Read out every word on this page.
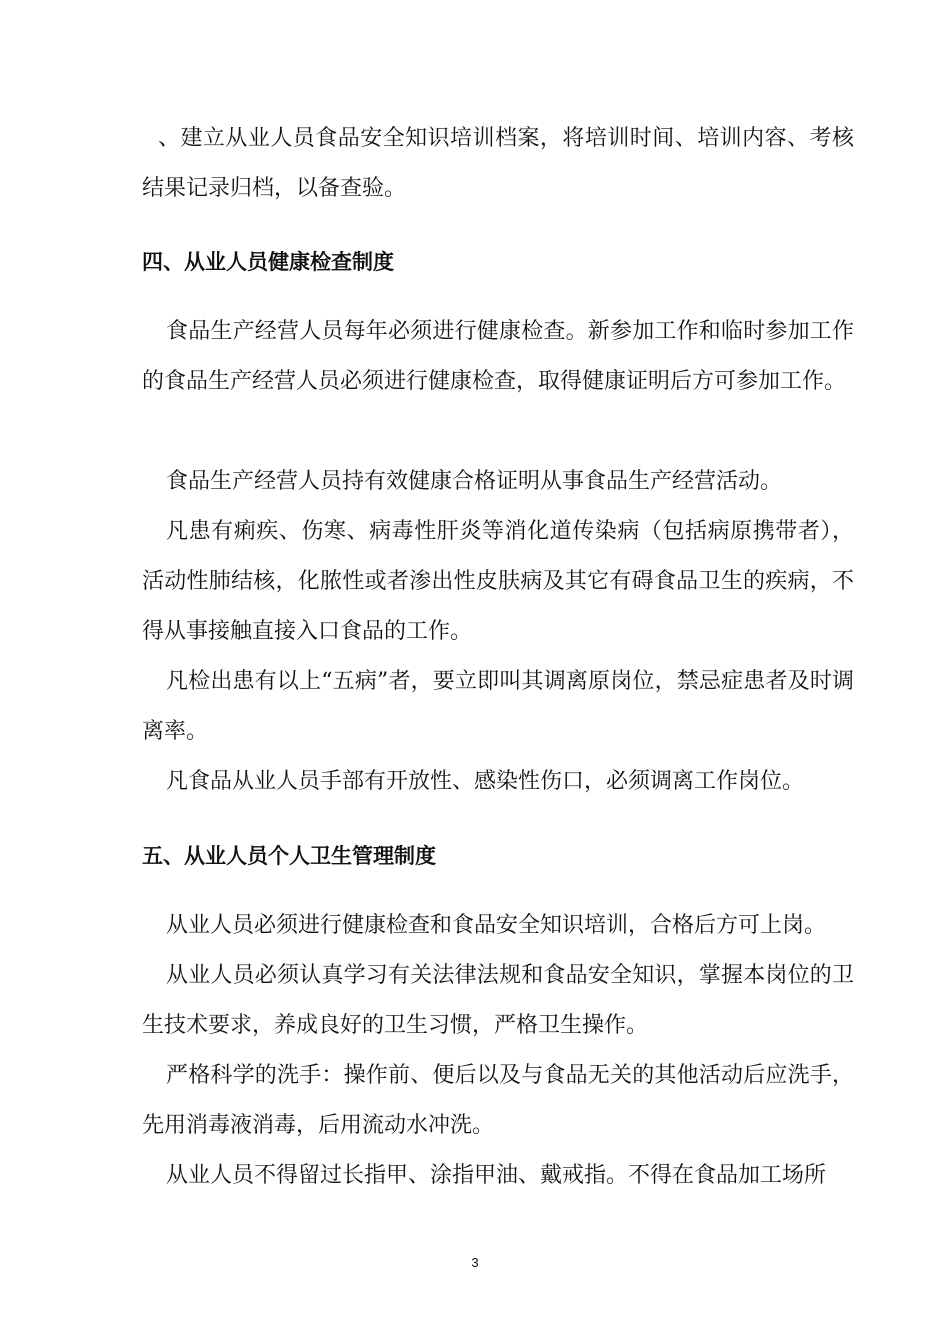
、建立从业人员食品安全知识培训档案，将培训时间、培训内容、考核结果记录归档，以备查验。

四、从业人员健康检查制度

食品生产经营人员每年必须进行健康检查。新参加工作和临时参加工作的食品生产经营人员必须进行健康检查，取得健康证明后方可参加工作。

食品生产经营人员持有效健康合格证明从事食品生产经营活动。

凡患有痢疾、伤寒、病毒性肝炎等消化道传染病（包括病原携带者），活动性肺结核，化脓性或者渗出性皮肤病及其它有碍食品卫生的疾病，不得从事接触直接入口食品的工作。

凡检出患有以上“五病”者，要立即叫其调离原岗位，禁忌症患者及时调离率。

凡食品从业人员手部有开放性、感染性伤口，必须调离工作岗位。

五、从业人员个人卫生管理制度

从业人员必须进行健康检查和食品安全知识培训，合格后方可上岗。

从业人员必须认真学习有关法律法规和食品安全知识，掌握本岗位的卫生技术要求，养成良好的卫生习惯，严格卫生操作。

严格科学的洗手：操作前、便后以及与食品无关的其他活动后应洗手，先用消毒液消毒，后用流动水冲洗。

从业人员不得留过长指甲、涂指甲油、戴戒指。不得在食品加工场所

3
